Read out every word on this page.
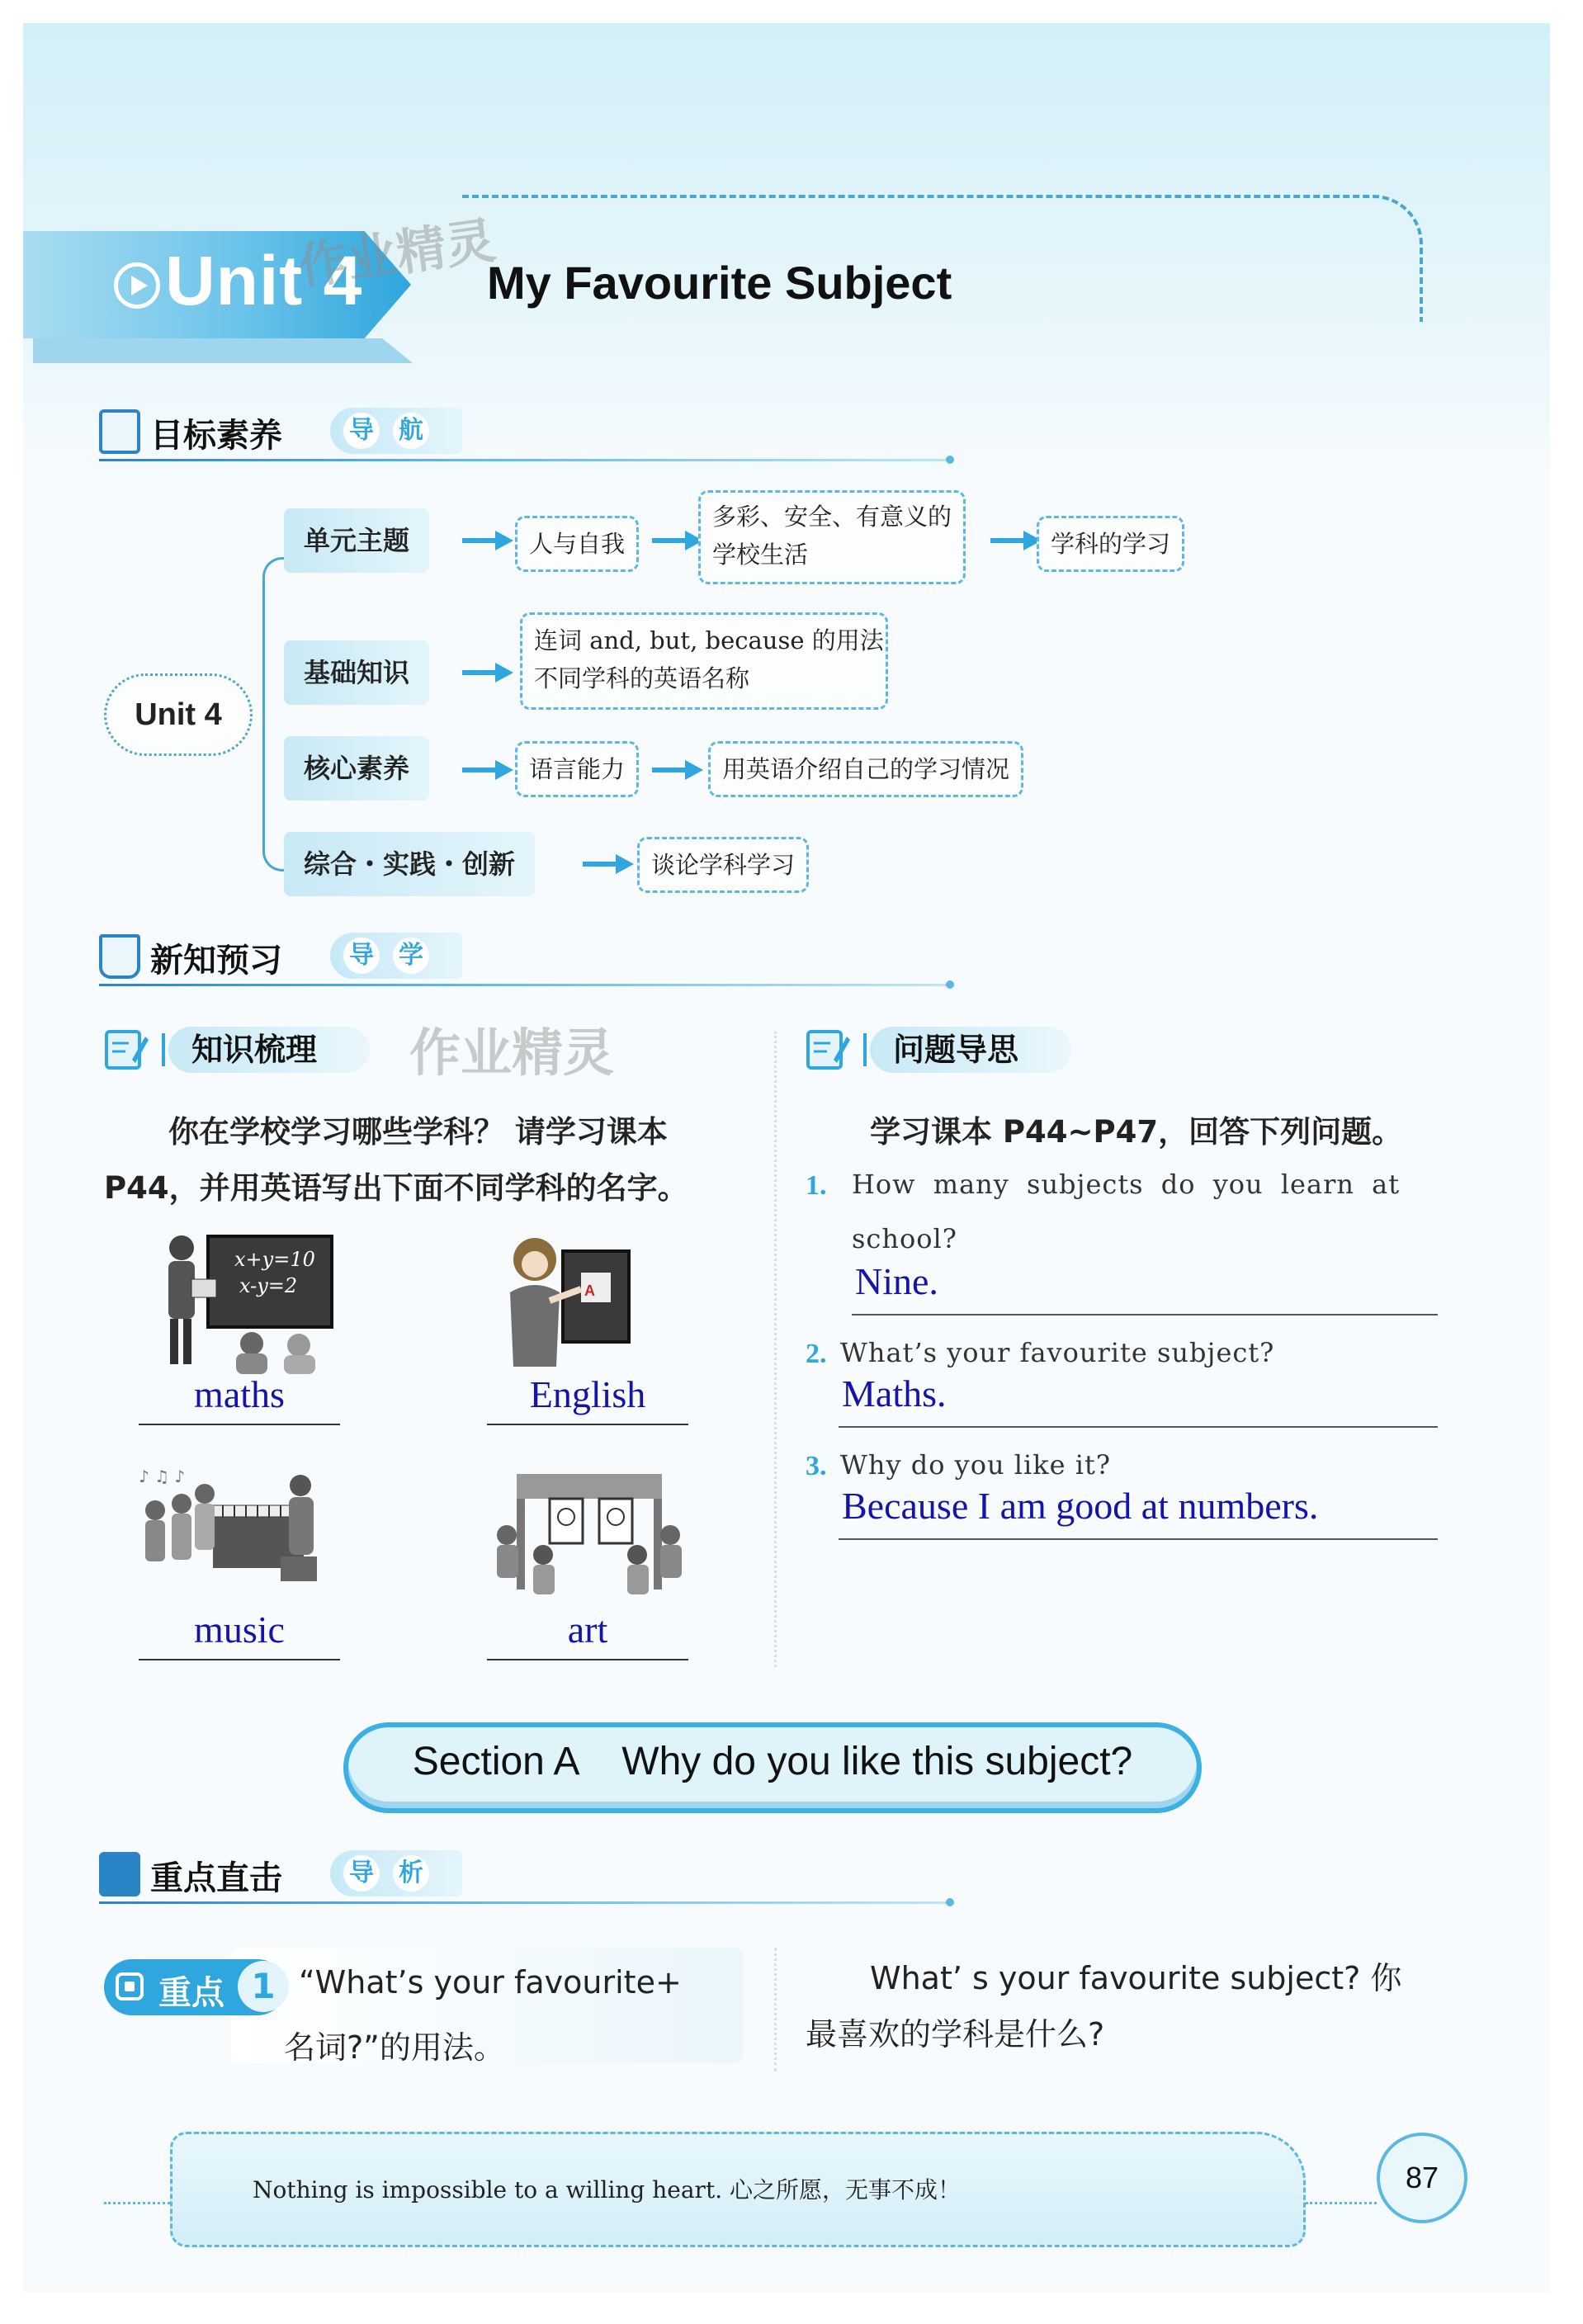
Unit 4	My Favourite Subject
作业精灵
目标素养	导 航
Unit 4
单元主题	人与自我
多彩、安全、有意义的
学校生活	学科的学习
基础知识
连词 and, but, because 的用法
不同学科的英语名称
核心素养	语言能力	用英语介绍自己的学习情况
综合・实践・创新	谈论学科学习
新知预习	导 学
知识梳理	作业精灵
你在学校学习哪些学科？ 请学习课本
P44，并用英语写出下面不同学科的名字。
x+y=10
x-y=2
maths
A
English
♪ ♫ ♪
music	art
问题导思
学习课本 P44~P47，回答下列问题。
1. How many subjects do you learn at
school?
Nine.
2. What’s your favourite subject?
Maths.
3. Why do you like it?
Because I am good at numbers.
Section A    Why do you like this subject?
重点直击	导 析
重点 1 “What’s your favourite+
名词?”的用法。
What’ s your favourite subject? 你
最喜欢的学科是什么?
Nothing is impossible to a willing heart. 心之所愿，无事不成！	87
